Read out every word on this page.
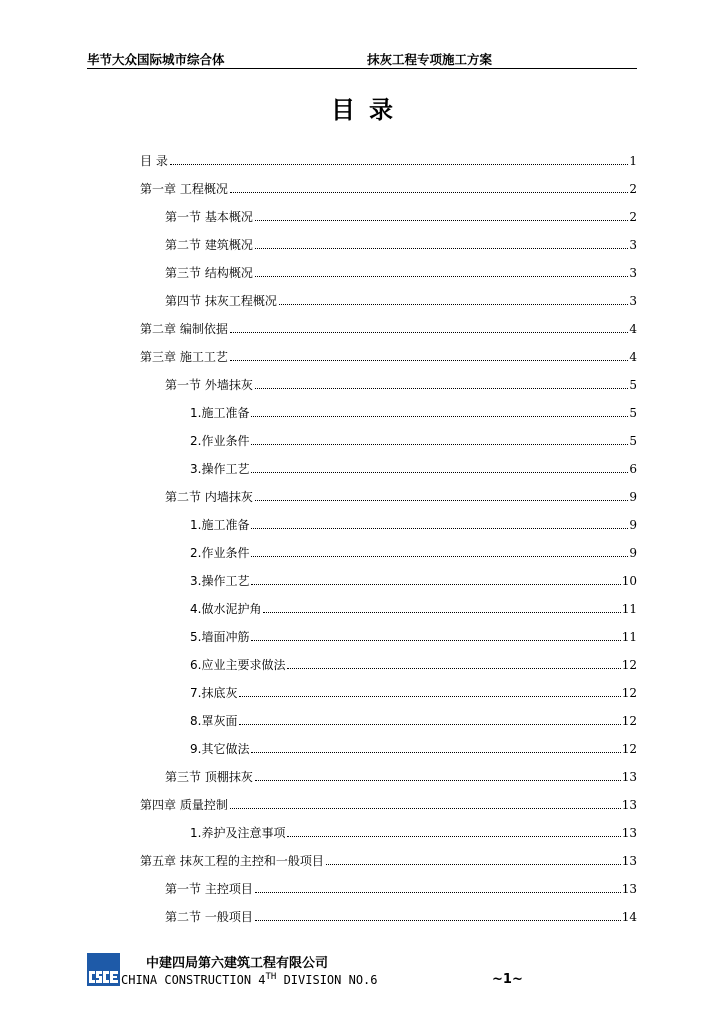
毕节大众国际城市综合体	抹灰工程专项施工方案
目录
目 录	1
第一章 工程概况	2
第一节 基本概况	2
第二节 建筑概况	3
第三节 结构概况	3
第四节 抹灰工程概况	3
第二章 编制依据	4
第三章 施工工艺	4
第一节 外墙抹灰	5
1.施工准备	5
2.作业条件	5
3.操作工艺	6
第二节 内墙抹灰	9
1.施工准备	9
2.作业条件	9
3.操作工艺	10
4.做水泥护角	11
5.墙面冲筋	11
6.应业主要求做法	12
7.抹底灰	12
8.罩灰面	12
9.其它做法	12
第三节 顶棚抹灰	13
第四章 质量控制	13
1.养护及注意事项	13
第五章 抹灰工程的主控和一般项目	13
第一节 主控项目	13
第二节 一般项目	14
中建四局第六建筑工程有限公司
CHINA CONSTRUCTION 4TH DIVISION NO.6	~1~
